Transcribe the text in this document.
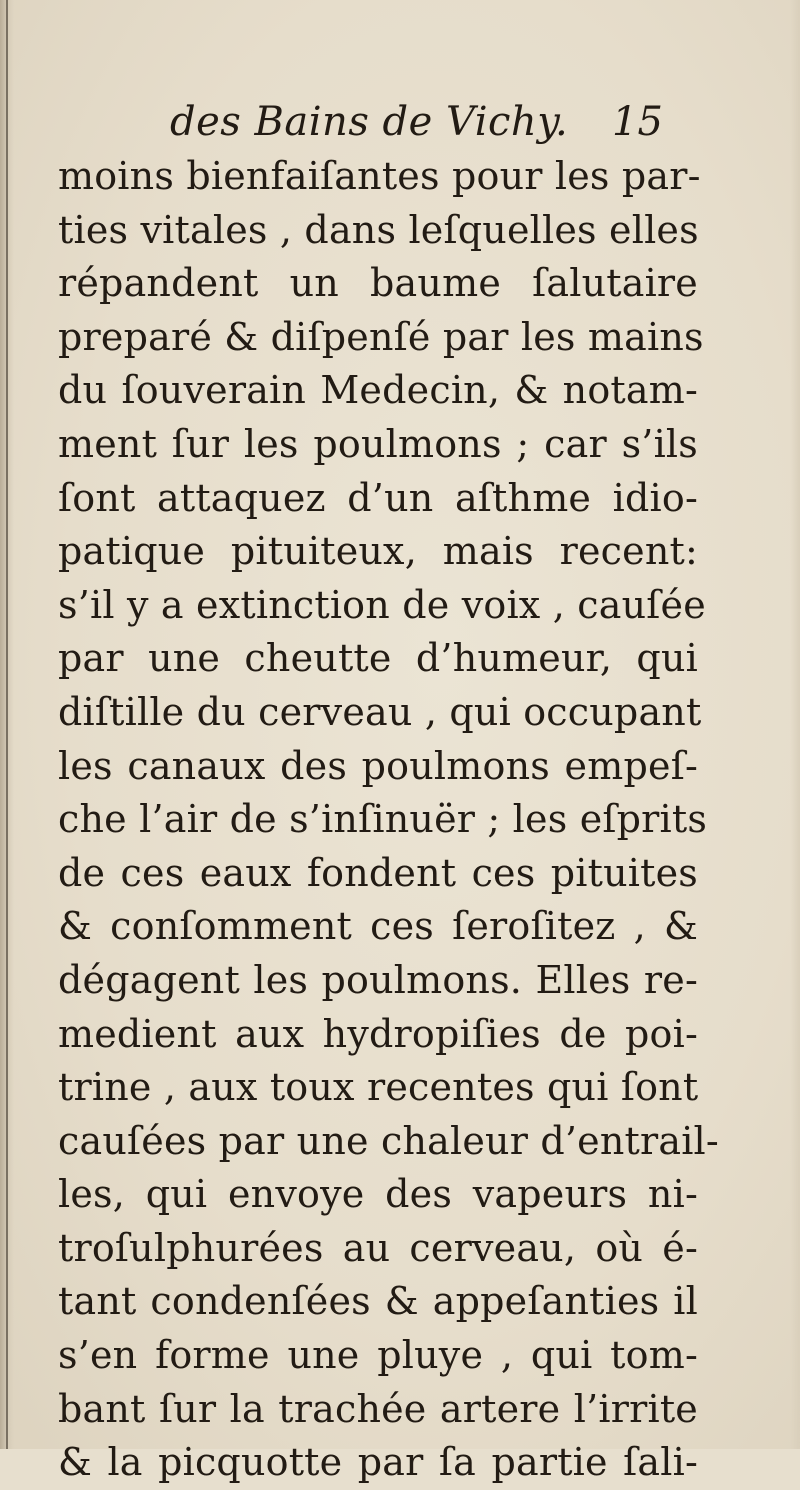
des Bains de Vichy. 15
moins bienfaiſantes pour les par-
ties vitales , dans leſquelles elles
répandent un baume ſalutaire
preparé & diſpenſé par les mains
du ſouverain Medecin, & notam-
ment ſur les poulmons ; car s’ils
ſont attaquez d’un aſthme idio-
patique pituiteux, mais recent:
s’il y a extinction de voix , cauſée
par une cheutte d’humeur, qui
diſtille du cerveau , qui occupant
les canaux des poulmons empeſ-
che l’air de s’inſinuër ; les eſprits
de ces eaux fondent ces pituites
& conſomment ces ſeroſitez , &
dégagent les poulmons. Elles re-
medient aux hydropiſies de poi-
trine , aux toux recentes qui ſont
cauſées par une chaleur d’entrail-
les, qui envoye des vapeurs ni-
troſulphurées au cerveau, où é-
tant condenſées & appeſanties il
s’en forme une pluye , qui tom-
bant ſur la trachée artere l’irrite
& la picquotte par ſa partie ſali-
